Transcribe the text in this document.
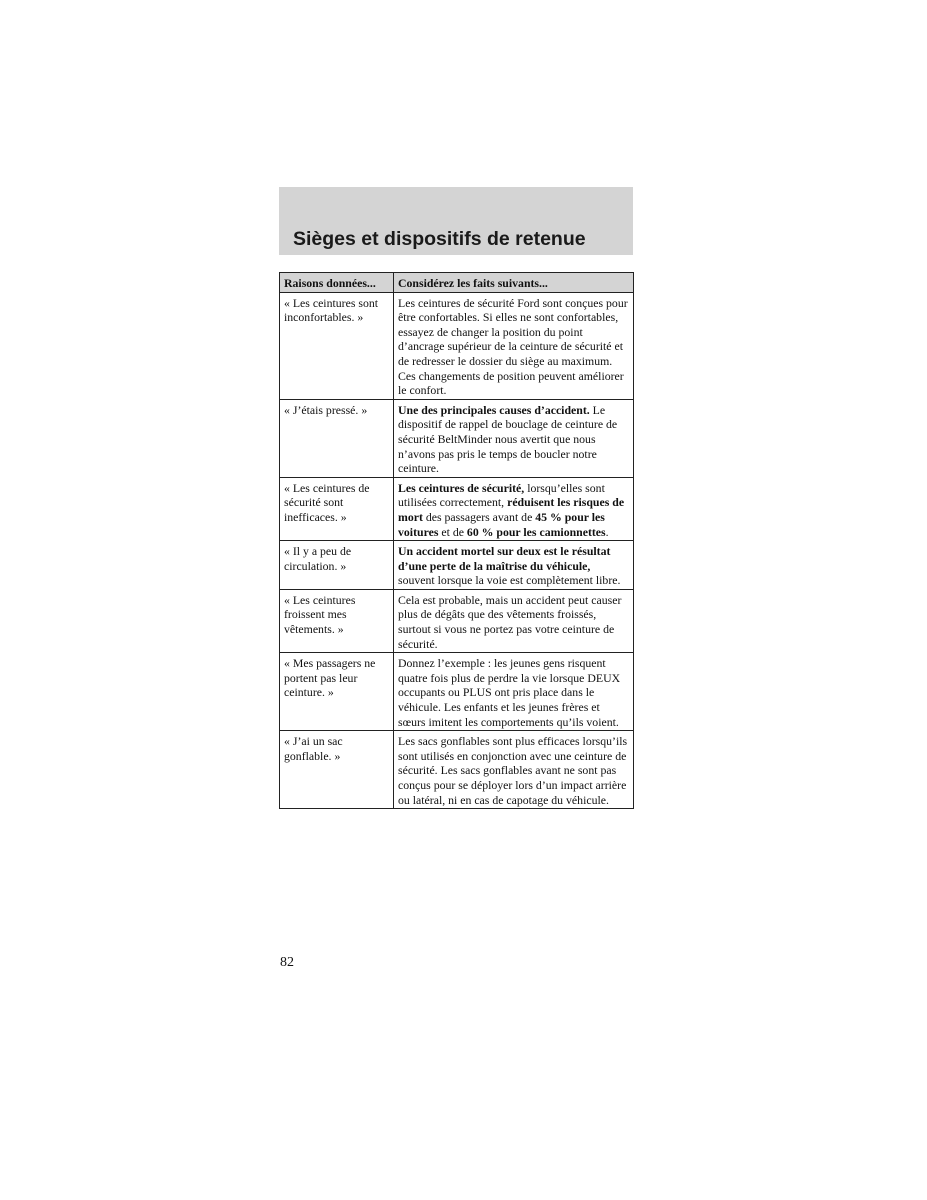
Sièges et dispositifs de retenue
Raisons données...	Considérez les faits suivants...
« Les ceintures sont inconfortables. »	Les ceintures de sécurité Ford sont conçues pour être confortables. Si elles ne sont confortables, essayez de changer la position du point d’ancrage supérieur de la ceinture de sécurité et de redresser le dossier du siège au maximum. Ces changements de position peuvent améliorer le confort.
« J’étais pressé. »	Une des principales causes d’accident. Le dispositif de rappel de bouclage de ceinture de sécurité BeltMinder nous avertit que nous n’avons pas pris le temps de boucler notre ceinture.
« Les ceintures de sécurité sont inefficaces. »	Les ceintures de sécurité, lorsqu’elles sont utilisées correctement, réduisent les risques de mort des passagers avant de 45 % pour les voitures et de 60 % pour les camionnettes.
« Il y a peu de circulation. »	Un accident mortel sur deux est le résultat d’une perte de la maîtrise du véhicule, souvent lorsque la voie est complètement libre.
« Les ceintures froissent mes vêtements. »	Cela est probable, mais un accident peut causer plus de dégâts que des vêtements froissés, surtout si vous ne portez pas votre ceinture de sécurité.
« Mes passagers ne portent pas leur ceinture. »	Donnez l’exemple : les jeunes gens risquent quatre fois plus de perdre la vie lorsque DEUX occupants ou PLUS ont pris place dans le véhicule. Les enfants et les jeunes frères et sœurs imitent les comportements qu’ils voient.
« J’ai un sac gonflable. »	Les sacs gonflables sont plus efficaces lorsqu’ils sont utilisés en conjonction avec une ceinture de sécurité. Les sacs gonflables avant ne sont pas conçus pour se déployer lors d’un impact arrière ou latéral, ni en cas de capotage du véhicule.
82
